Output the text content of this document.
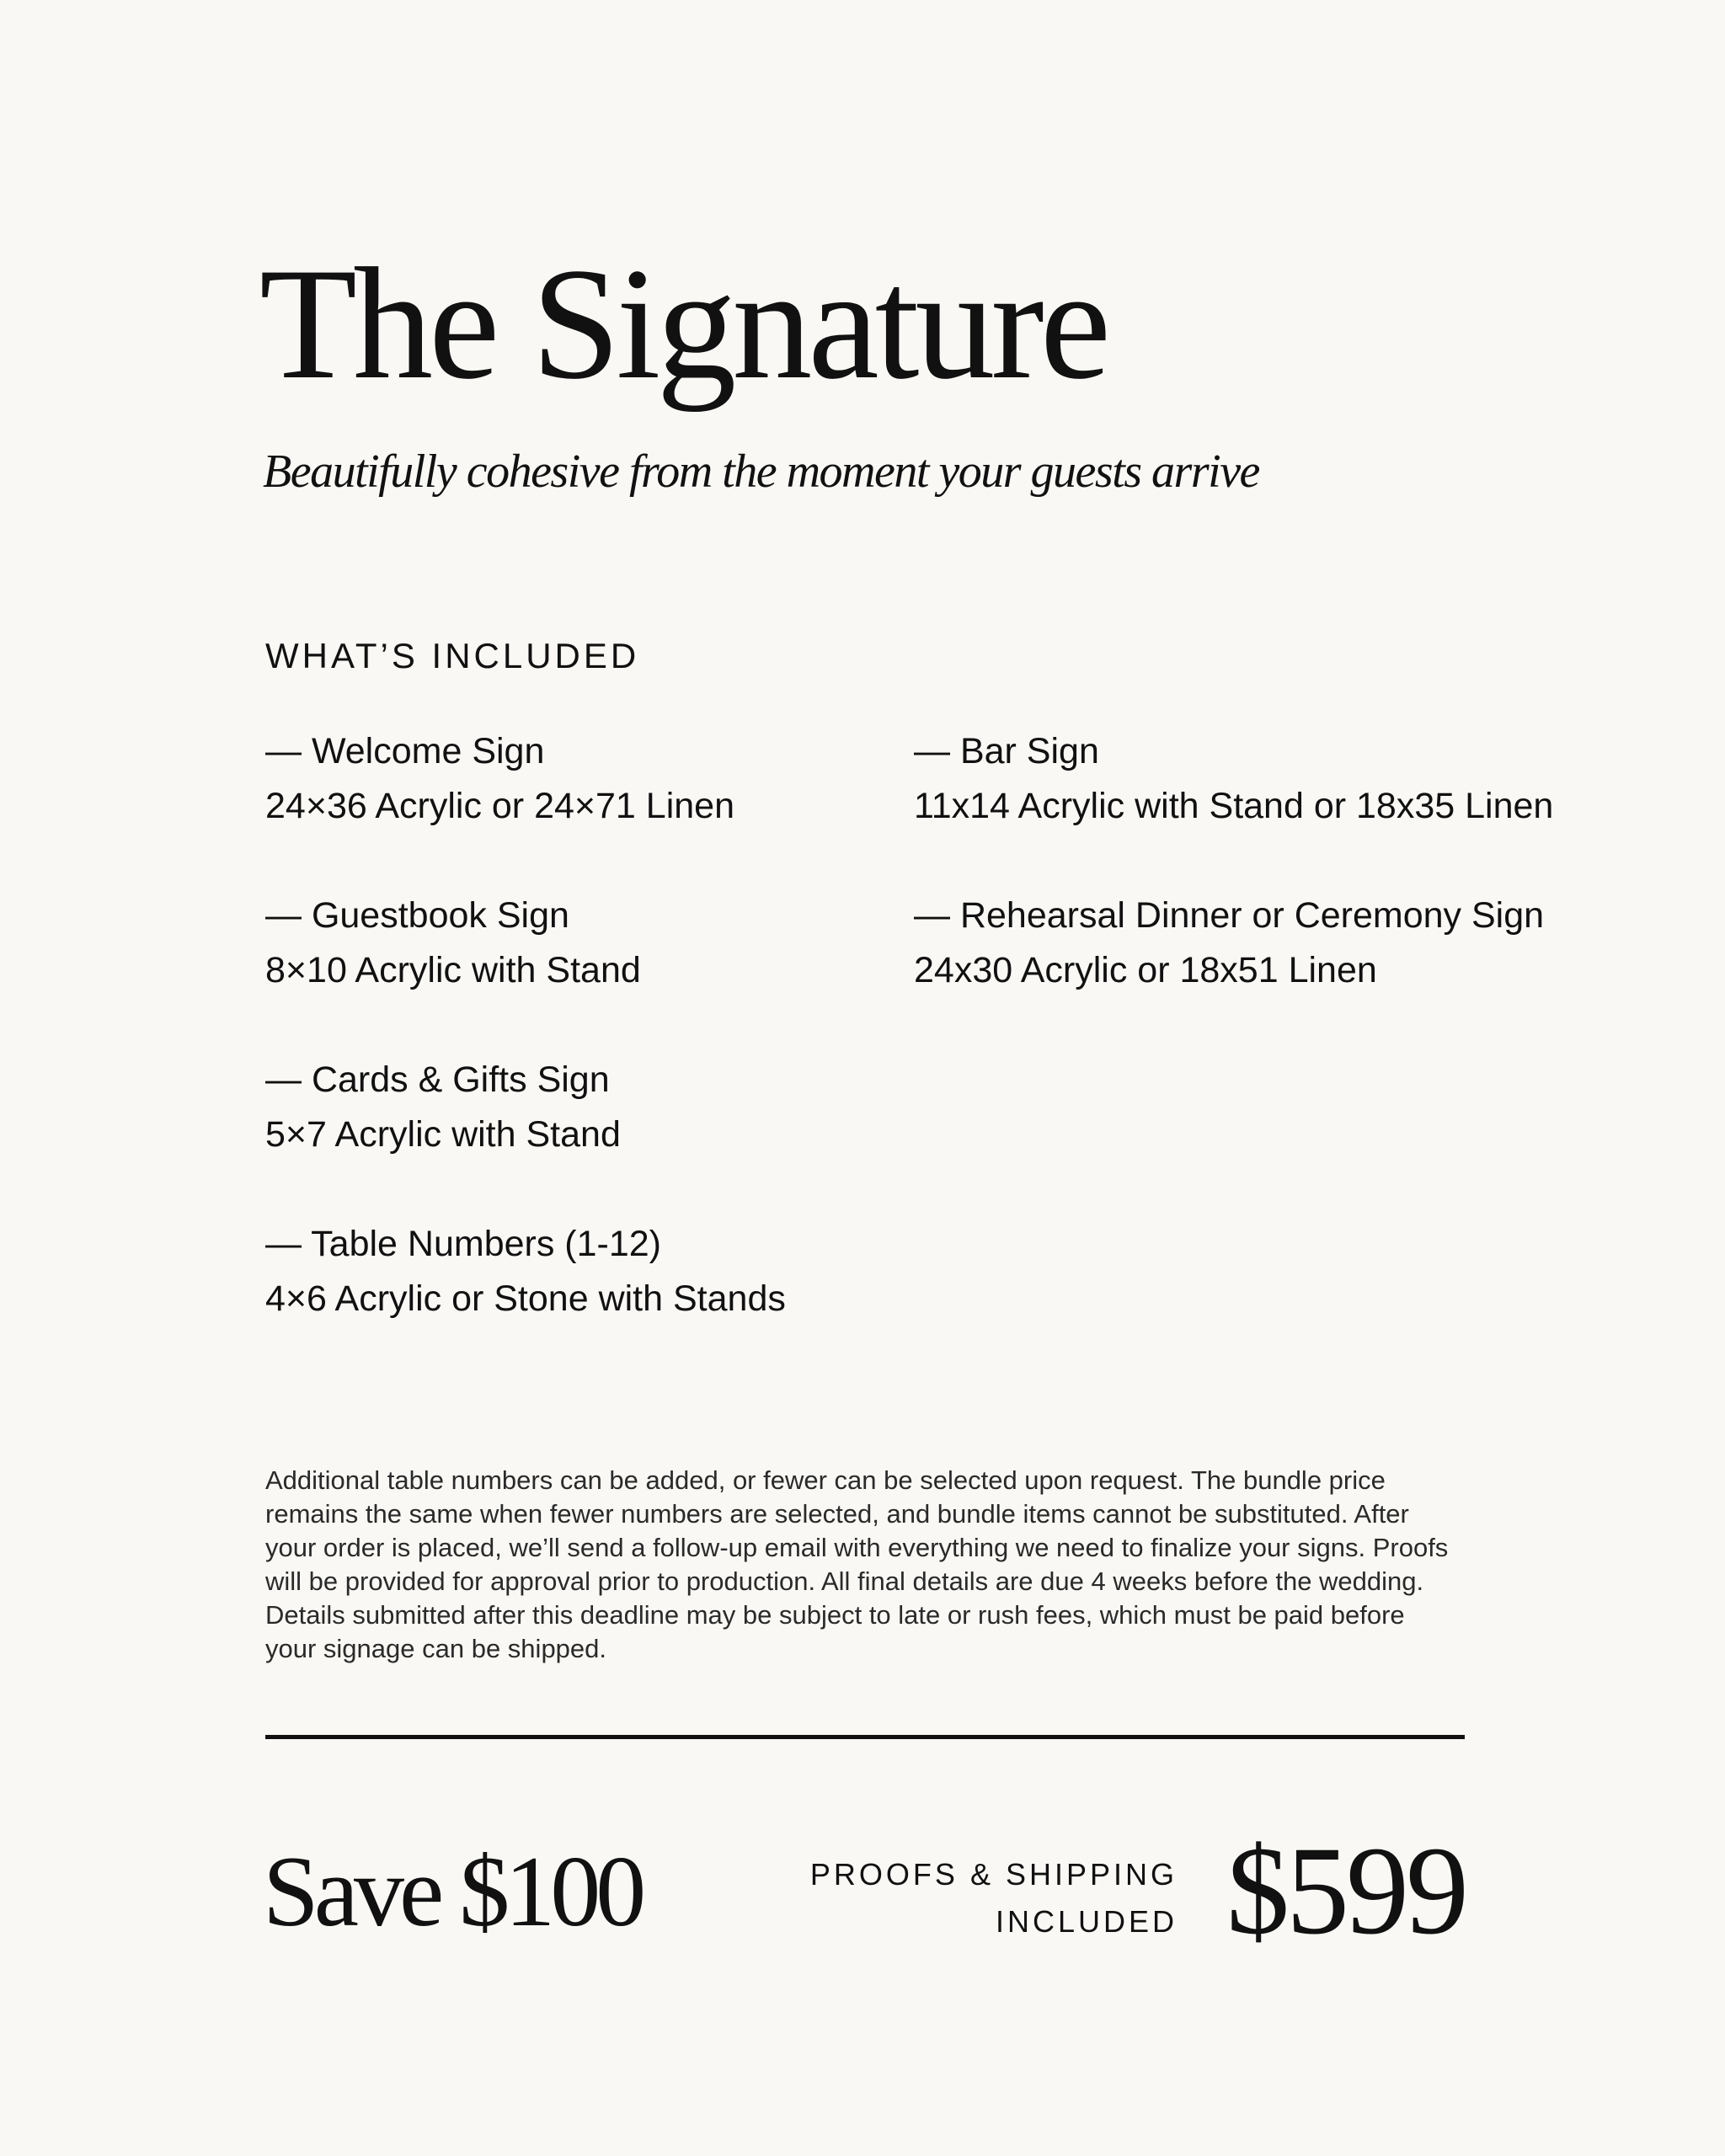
The Signature

Beautifully cohesive from the moment your guests arrive

WHAT’S INCLUDED
— Welcome Sign
24×36 Acrylic or 24×71 Linen
— Guestbook Sign
8×10 Acrylic with Stand
— Cards & Gifts Sign
5×7 Acrylic with Stand
— Table Numbers (1-12)
4×6 Acrylic or Stone with Stands
— Bar Sign
11x14 Acrylic with Stand or 18x35 Linen
— Rehearsal Dinner or Ceremony Sign
24x30 Acrylic or 18x51 Linen

Additional table numbers can be added, or fewer can be selected upon request. The bundle price remains the same when fewer numbers are selected, and bundle items cannot be substituted. After your order is placed, we’ll send a follow-up email with everything we need to finalize your signs. Proofs will be provided for approval prior to production. All final details are due 4 weeks before the wedding. Details submitted after this deadline may be subject to late or rush fees, which must be paid before your signage can be shipped.

Save $100	PROOFS & SHIPPING
INCLUDED $599
